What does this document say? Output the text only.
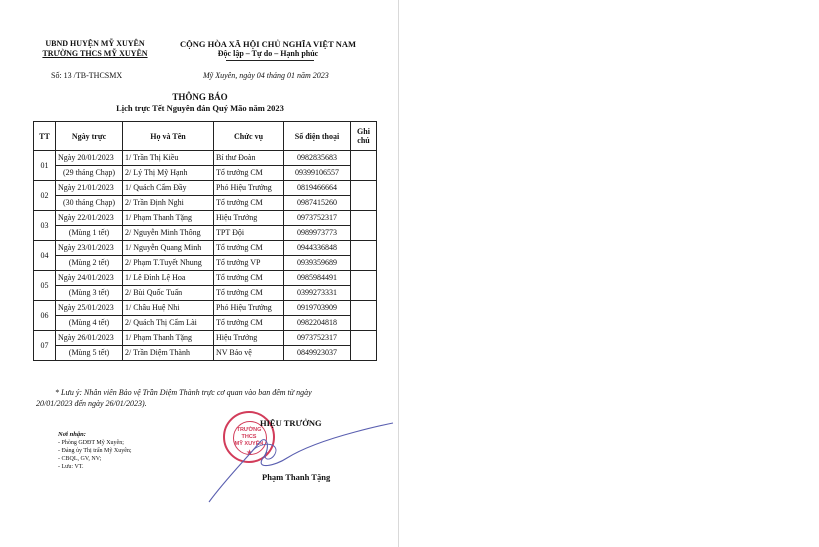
UBND HUYỆN MỸ XUYÊN
TRƯỜNG THCS MỸ XUYÊN
Số: 13 /TB-THCSMX
CỘNG HÒA XÃ HỘI CHỦ NGHĨA VIỆT NAM
Độc lập – Tự do – Hạnh phúc
Mỹ Xuyên, ngày 04 tháng 01 năm 2023
THÔNG BÁO
Lịch trực Tết Nguyên đán Quý Mão năm 2023
TT	Ngày trực	Họ và Tên	Chức vụ	Số điện thoại	Ghi chú
01	Ngày 20/01/2023	1/ Trần Thị Kiều	Bí thư Đoàn	0982835683	
	(29 tháng Chạp)	2/ Lý Thị Mỹ Hạnh	Tổ trưởng CM	09399106557	
02	Ngày 21/01/2023	1/ Quách Cẩm Đầy	Phó Hiệu Trưởng	0819466664	
	(30 tháng Chạp)	2/ Trần Định Nghi	Tổ trưởng CM	0987415260	
03	Ngày 22/01/2023	1/ Phạm Thanh Tặng	Hiệu Trưởng	0973752317	
	(Mùng 1 tết)	2/ Nguyễn Minh Thông	TPT Đội	0989973773	
04	Ngày 23/01/2023	1/ Nguyễn Quang Minh	Tổ trưởng CM	0944336848	
	(Mùng 2 tết)	2/ Phạm T.Tuyết Nhung	Tổ trưởng VP	0939359689	
05	Ngày 24/01/2023	1/ Lê Đình Lệ Hoa	Tổ trưởng CM	0985984491	
	(Mùng 3 tết)	2/ Bùi Quốc Tuấn	Tổ trưởng CM	0399273331	
06	Ngày 25/01/2023	1/ Châu Huệ Nhi	Phó Hiệu Trưởng	0919703909	
	(Mùng 4 tết)	2/ Quách Thị Cẩm Lài	Tổ trưởng CM	0982204818	
07	Ngày 26/01/2023	1/ Phạm Thanh Tặng	Hiệu Trưởng	0973752317	
	(Mùng 5 tết)	2/ Trần Diệm Thành	NV Bảo vệ	0849923037	
* Lưu ý: Nhân viên Bảo vệ Trần Diệm Thành trực cơ quan vào ban đêm từ ngày
20/01/2023 đến ngày 26/01/2023).
Nơi nhận:
- Phòng GDĐT Mỹ Xuyên;
- Đảng ủy Thị trấn Mỹ Xuyên;
- CBQL, GV, NV;
- Lưu: VT.
TRƯỜNG
THCS
MỸ XUYÊN
★
HIỆU TRƯỞNG
Phạm Thanh Tặng
